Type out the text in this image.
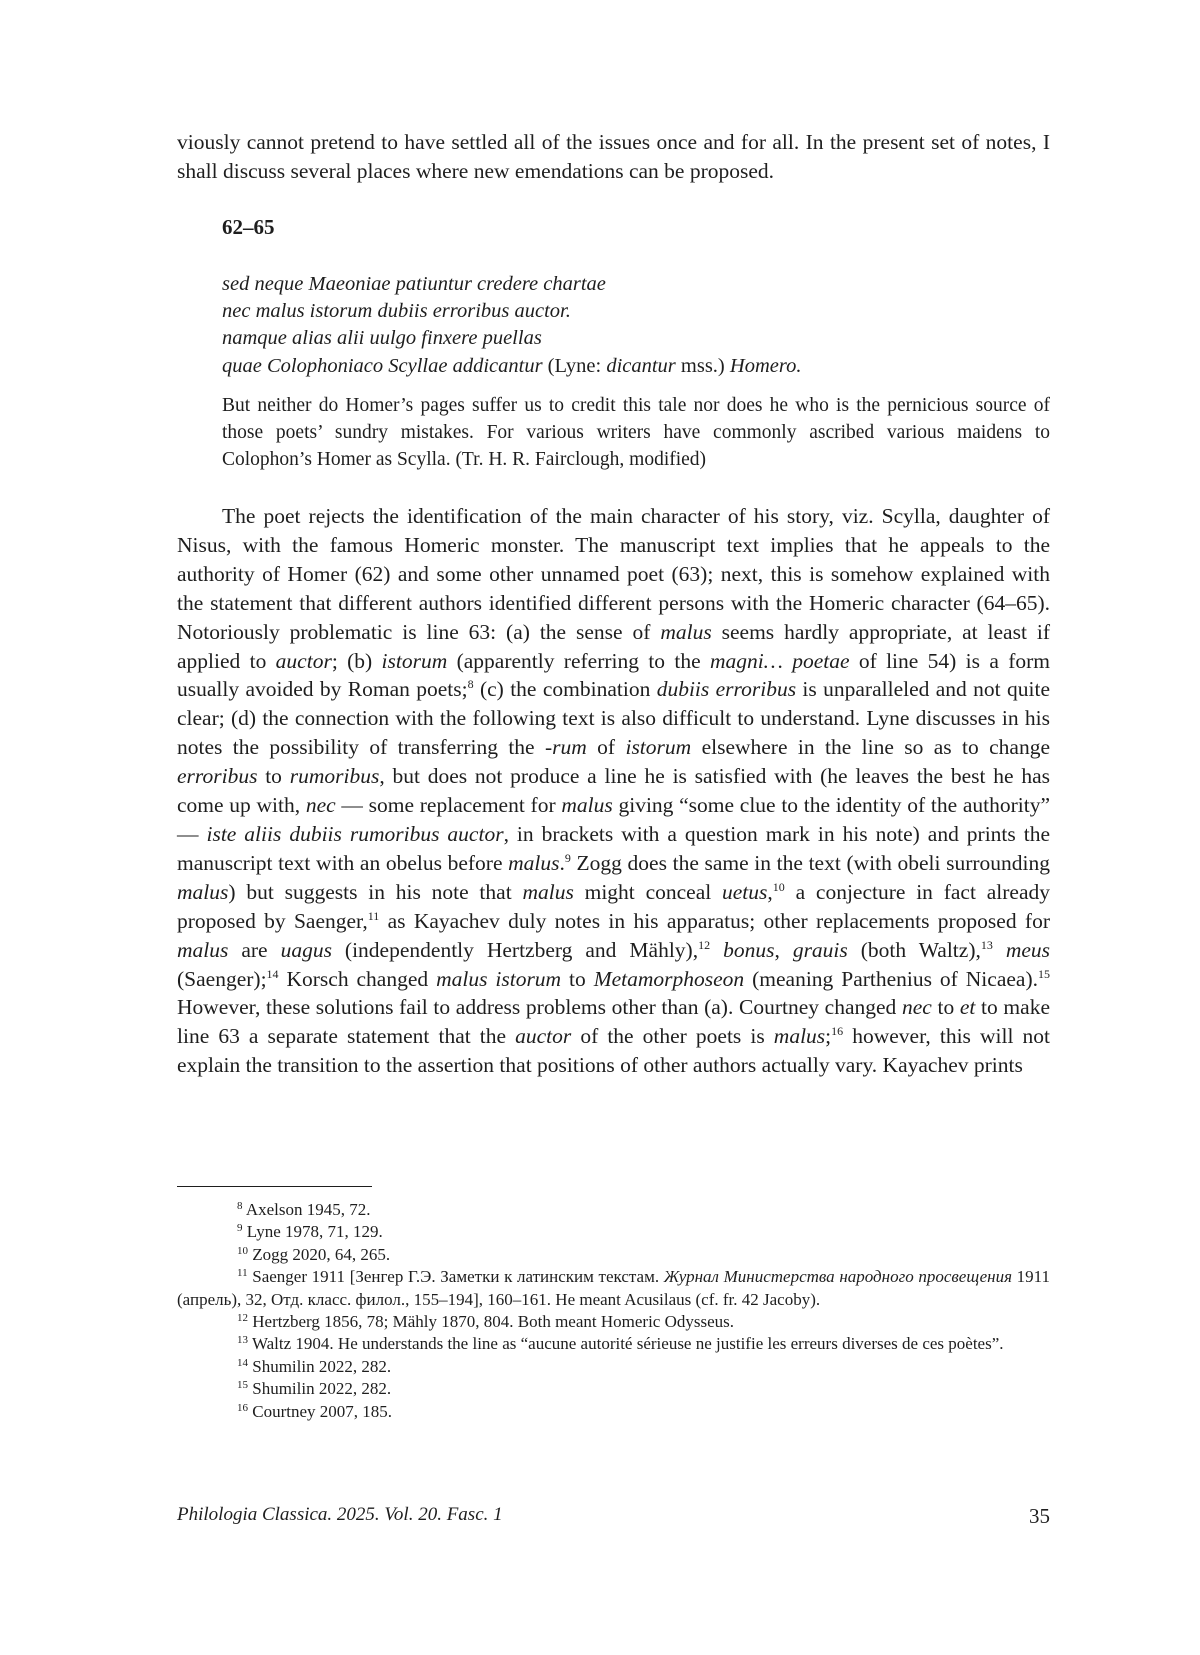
viously cannot pretend to have settled all of the issues once and for all. In the present set of notes, I shall discuss several places where new emendations can be proposed.

62–65

sed neque Maeoniae patiuntur credere chartae
nec malus istorum dubiis erroribus auctor.
namque alias alii uulgo finxere puellas
quae Colophoniaco Scyllae addicantur (Lyne: dicantur mss.) Homero.

But neither do Homer’s pages suffer us to credit this tale nor does he who is the pernicious source of those poets’ sundry mistakes. For various writers have commonly ascribed various maidens to Colophon’s Homer as Scylla. (Tr. H. R. Fairclough, modified)

The poet rejects the identification of the main character of his story, viz. Scylla, daughter of Nisus, with the famous Homeric monster. The manuscript text implies that he appeals to the authority of Homer (62) and some other unnamed poet (63); next, this is somehow explained with the statement that different authors identified different persons with the Homeric character (64–65). Notoriously problematic is line 63: (a) the sense of malus seems hardly appropriate, at least if applied to auctor; (b) istorum (apparently referring to the magni… poetae of line 54) is a form usually avoided by Roman poets;$^8$ (c) the combination dubiis erroribus is unparalleled and not quite clear; (d) the connection with the following text is also difficult to understand. Lyne discusses in his notes the possibility of transferring the -rum of istorum elsewhere in the line so as to change erroribus to rumoribus, but does not produce a line he is satisfied with (he leaves the best he has come up with, nec — some replacement for malus giving “some clue to the identity of the authority” — iste aliis dubiis rumoribus auctor, in brackets with a question mark in his note) and prints the manuscript text with an obelus before malus.$^9$ Zogg does the same in the text (with obeli surrounding malus) but suggests in his note that malus might conceal uetus,$^{10}$ a conjecture in fact already proposed by Saenger,$^{11}$ as Kayachev duly notes in his apparatus; other replacements proposed for malus are uagus (independently Hertzberg and Mähly),$^{12}$ bonus, grauis (both Waltz),$^{13}$ meus (Saenger);$^{14}$ Korsch changed malus istorum to Metamorphoseon (meaning Parthenius of Nicaea).$^{15}$ However, these solutions fail to address problems other than (a). Courtney changed nec to et to make line 63 a separate statement that the auctor of the other poets is malus;$^{16}$ however, this will not explain the transition to the assertion that positions of other authors actually vary. Kayachev prints

$^8$ Axelson 1945, 72.

$^9$ Lyne 1978, 71, 129.

$^{10}$ Zogg 2020, 64, 265.

$^{11}$ Saenger 1911 [Зенгер Г.Э. Заметки к латинским текстам. Журнал Министерства народного просвещения 1911 (апрель), 32, Отд. класс. филол., 155–194], 160–161. He meant Acusilaus (cf. fr. 42 Jacoby).

$^{12}$ Hertzberg 1856, 78; Mähly 1870, 804. Both meant Homeric Odysseus.

$^{13}$ Waltz 1904. He understands the line as “aucune autorité sérieuse ne justifie les erreurs diverses de ces poètes”.

$^{14}$ Shumilin 2022, 282.

$^{15}$ Shumilin 2022, 282.

$^{16}$ Courtney 2007, 185.

Philologia Classica. 2025. Vol. 20. Fasc. 1	35
